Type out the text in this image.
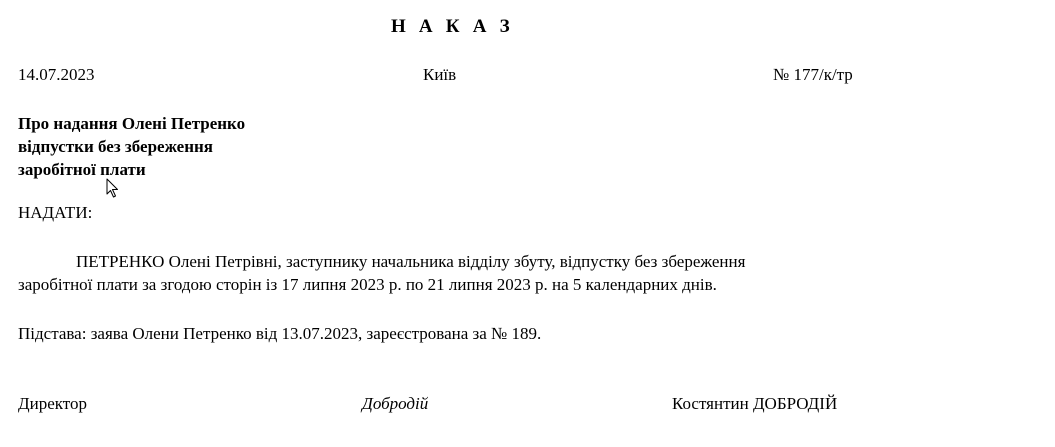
Н А К А З
14.07.2023	Київ	№ 177/к/тр
Про надання Олені Петренко
відпустки без збереження
заробітної плати
НАДАТИ:
ПЕТРЕНКО Олені Петрівні, заступнику начальника відділу збуту, відпустку без збереження
заробітної плати за згодою сторін із 17 липня 2023 р. по 21 липня 2023 р. на 5 календарних днів.
Підстава: заява Олени Петренко від 13.07.2023, зареєстрована за № 189.
Директор	Добродій	Костянтин ДОБРОДІЙ
